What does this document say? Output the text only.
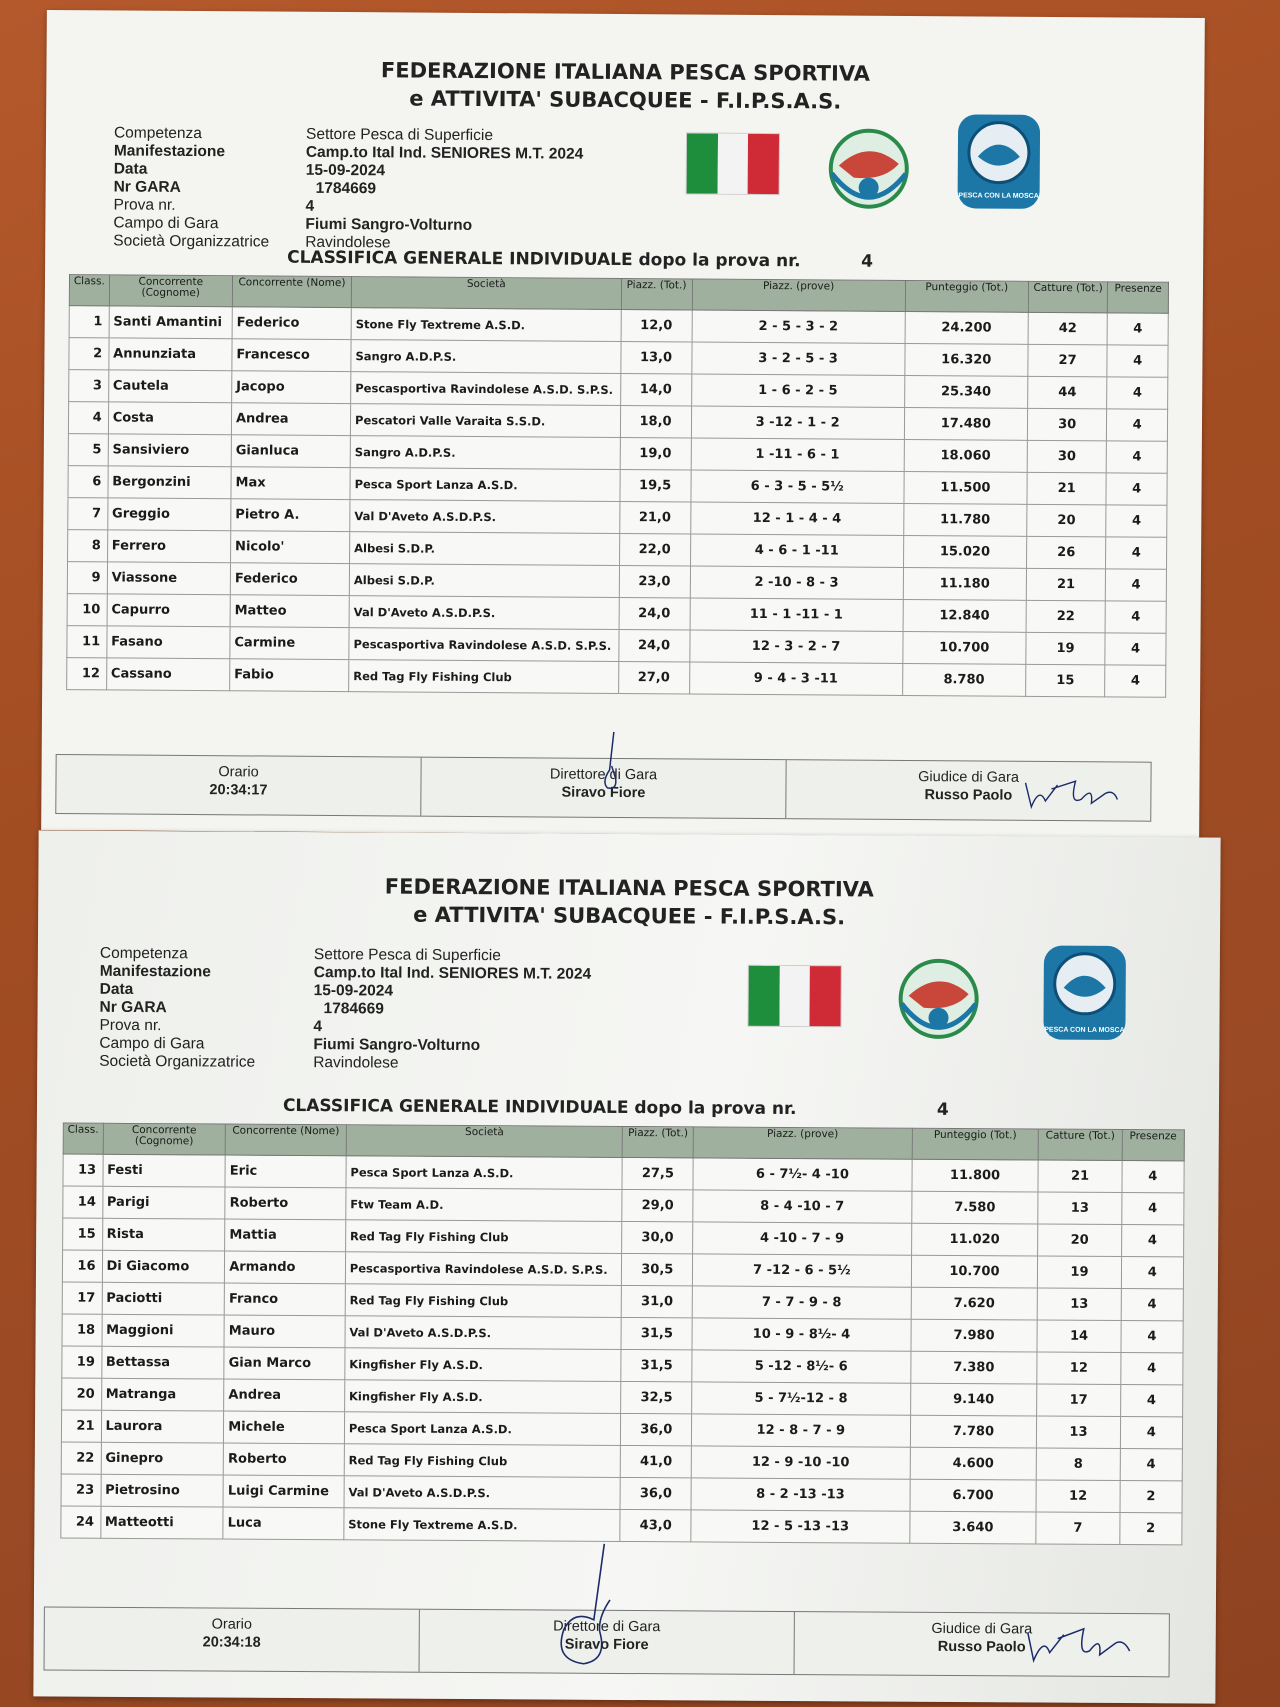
FEDERAZIONE ITALIANA PESCA SPORTIVA
e ATTIVITA' SUBACQUEE - F.I.P.S.A.S.
Competenza
Manifestazione
Data
Nr GARA
Prova nr.
Campo di Gara
Società Organizzatrice
Settore Pesca di Superficie
Camp.to Ital Ind. SENIORES M.T. 2024
15-09-2024
1784669
4
Fiumi Sangro-Volturno
Ravindolese
PESCA CON LA MOSCA
CLASSIFICA GENERALE INDIVIDUALE dopo la prova nr.	4
Class.	Concorrente (Cognome)	Concorrente (Nome)	Società	Piazz. (Tot.)	Piazz. (prove)	Punteggio (Tot.)	Catture (Tot.)	Presenze
1	Santi Amantini	Federico	Stone Fly Textreme A.S.D.	12,0	2 - 5 - 3 - 2	24.200	42	4
2	Annunziata	Francesco	Sangro A.D.P.S.	13,0	3 - 2 - 5 - 3	16.320	27	4
3	Cautela	Jacopo	Pescasportiva Ravindolese A.S.D. S.P.S.	14,0	1 - 6 - 2 - 5	25.340	44	4
4	Costa	Andrea	Pescatori Valle Varaita S.S.D.	18,0	3 -12 - 1 - 2	17.480	30	4
5	Sansiviero	Gianluca	Sangro A.D.P.S.	19,0	1 -11 - 6 - 1	18.060	30	4
6	Bergonzini	Max	Pesca Sport Lanza A.S.D.	19,5	6 - 3 - 5 - 5½	11.500	21	4
7	Greggio	Pietro A.	Val D'Aveto A.S.D.P.S.	21,0	12 - 1 - 4 - 4	11.780	20	4
8	Ferrero	Nicolo'	Albesi S.D.P.	22,0	4 - 6 - 1 -11	15.020	26	4
9	Viassone	Federico	Albesi S.D.P.	23,0	2 -10 - 8 - 3	11.180	21	4
10	Capurro	Matteo	Val D'Aveto A.S.D.P.S.	24,0	11 - 1 -11 - 1	12.840	22	4
11	Fasano	Carmine	Pescasportiva Ravindolese A.S.D. S.P.S.	24,0	12 - 3 - 2 - 7	10.700	19	4
12	Cassano	Fabio	Red Tag Fly Fishing Club	27,0	9 - 4 - 3 -11	8.780	15	4
Orario
20:34:17
Direttore di Gara
Siravo Fiore
Giudice di Gara
Russo Paolo
FEDERAZIONE ITALIANA PESCA SPORTIVA
e ATTIVITA' SUBACQUEE - F.I.P.S.A.S.
Competenza
Manifestazione
Data
Nr GARA
Prova nr.
Campo di Gara
Società Organizzatrice
Settore Pesca di Superficie
Camp.to Ital Ind. SENIORES M.T. 2024
15-09-2024
1784669
4
Fiumi Sangro-Volturno
Ravindolese
PESCA CON LA MOSCA
CLASSIFICA GENERALE INDIVIDUALE dopo la prova nr.	4
Class.	Concorrente (Cognome)	Concorrente (Nome)	Società	Piazz. (Tot.)	Piazz. (prove)	Punteggio (Tot.)	Catture (Tot.)	Presenze
13	Festi	Eric	Pesca Sport Lanza A.S.D.	27,5	6 - 7½- 4 -10	11.800	21	4
14	Parigi	Roberto	Ftw Team A.D.	29,0	8 - 4 -10 - 7	7.580	13	4
15	Rista	Mattia	Red Tag Fly Fishing Club	30,0	4 -10 - 7 - 9	11.020	20	4
16	Di Giacomo	Armando	Pescasportiva Ravindolese A.S.D. S.P.S.	30,5	7 -12 - 6 - 5½	10.700	19	4
17	Paciotti	Franco	Red Tag Fly Fishing Club	31,0	7 - 7 - 9 - 8	7.620	13	4
18	Maggioni	Mauro	Val D'Aveto A.S.D.P.S.	31,5	10 - 9 - 8½- 4	7.980	14	4
19	Bettassa	Gian Marco	Kingfisher Fly A.S.D.	31,5	5 -12 - 8½- 6	7.380	12	4
20	Matranga	Andrea	Kingfisher Fly A.S.D.	32,5	5 - 7½-12 - 8	9.140	17	4
21	Laurora	Michele	Pesca Sport Lanza A.S.D.	36,0	12 - 8 - 7 - 9	7.780	13	4
22	Ginepro	Roberto	Red Tag Fly Fishing Club	41,0	12 - 9 -10 -10	4.600	8	4
23	Pietrosino	Luigi Carmine	Val D'Aveto A.S.D.P.S.	36,0	8 - 2 -13 -13	6.700	12	2
24	Matteotti	Luca	Stone Fly Textreme A.S.D.	43,0	12 - 5 -13 -13	3.640	7	2
Orario
20:34:18
Direttore di Gara
Siravo Fiore
Giudice di Gara
Russo Paolo
